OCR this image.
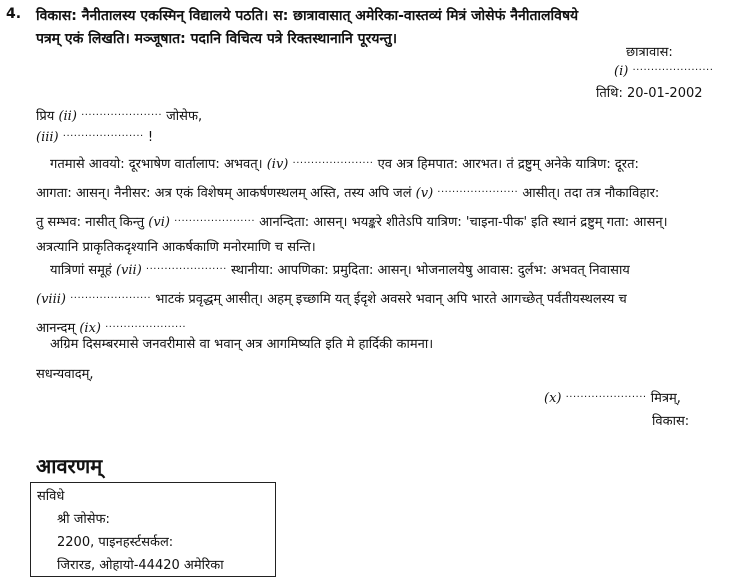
4. विकास: नैनीतालस्य एकस्मिन् विद्यालये पठति। स: छात्रावासात् अमेरिका-वास्तव्यं मित्रं जोसेफं नैनीतालविषये
पत्रम् एकं लिखति। मञ्जूषात: पदानि विचित्य पत्रे रिक्तस्थानानि पूरयन्तु।
छात्रावास:
(i) ......................
तिथि: 20-01-2002
प्रिय (ii) ...................... जोसेफ,
(iii) ...................... !
गतमासे आवयो: दूरभाषेण वार्तालाप: अभवत्। (iv) ...................... एव अत्र हिमपात: आरभत। तं द्रष्टुम् अनेके यात्रिण: दूरत:
आगता: आसन्। नैनीसर: अत्र एकं विशेषम् आकर्षणस्थलम् अस्ति, तस्य अपि जलं (v) ...................... आसीत्। तदा तत्र नौकाविहार:
तु सम्भव: नासीत् किन्तु (vi) ...................... आनन्दिता: आसन्। भयङ्करे शीतेऽपि यात्रिण: 'चाइना-पीक' इति स्थानं द्रष्टुम् गता: आसन्।
अत्रत्यानि प्राकृतिकदृश्यानि आकर्षकाणि मनोरमाणि च सन्ति।
यात्रिणां समूहं (vii) ...................... स्थानीया: आपणिका: प्रमुदिता: आसन्। भोजनालयेषु आवास: दुर्लभ: अभवत् निवासाय
(viii) ...................... भाटकं प्रवृद्धम् आसीत्। अहम् इच्छामि यत् ईदृशे अवसरे भवान् अपि भारते आगच्छेत् पर्वतीयस्थलस्य च
आनन्दम् (ix) ......................
अग्रिम दिसम्बरमासे जनवरीमासे वा भवान् अत्र आगमिष्यति इति मे हार्दिकी कामना।
सधन्यवादम्,
(x) ...................... मित्रम्,
विकास:
आवरणम्
सविधे
श्री जोसेफ:
2200, पाइनहर्स्टसर्कल:
जिरारड, ओहायो-44420 अमेरिका
